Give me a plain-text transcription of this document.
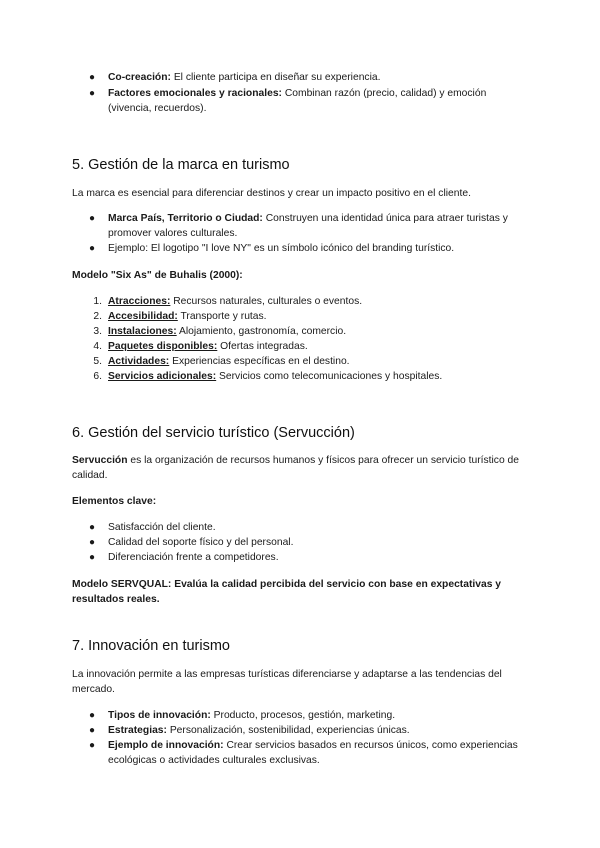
● Co-creación: El cliente participa en diseñar su experiencia.
● Factores emocionales y racionales: Combinan razón (precio, calidad) y emoción (vivencia, recuerdos).
5. Gestión de la marca en turismo

La marca es esencial para diferenciar destinos y crear un impacto positivo en el cliente.

● Marca País, Territorio o Ciudad: Construyen una identidad única para atraer turistas y promover valores culturales.
● Ejemplo: El logotipo "I love NY" es un símbolo icónico del branding turístico.

Modelo "Six As" de Buhalis (2000):

1. Atracciones: Recursos naturales, culturales o eventos.
2. Accesibilidad: Transporte y rutas.
3. Instalaciones: Alojamiento, gastronomía, comercio.
4. Paquetes disponibles: Ofertas integradas.
5. Actividades: Experiencias específicas en el destino.
6. Servicios adicionales: Servicios como telecomunicaciones y hospitales.
6. Gestión del servicio turístico (Servucción)

Servucción es la organización de recursos humanos y físicos para ofrecer un servicio turístico de calidad.

Elementos clave:

● Satisfacción del cliente.
● Calidad del soporte físico y del personal.
● Diferenciación frente a competidores.

Modelo SERVQUAL: Evalúa la calidad percibida del servicio con base en expectativas y resultados reales.

7. Innovación en turismo

La innovación permite a las empresas turísticas diferenciarse y adaptarse a las tendencias del mercado.

● Tipos de innovación: Producto, procesos, gestión, marketing.
● Estrategias: Personalización, sostenibilidad, experiencias únicas.
● Ejemplo de innovación: Crear servicios basados en recursos únicos, como experiencias ecológicas o actividades culturales exclusivas.
